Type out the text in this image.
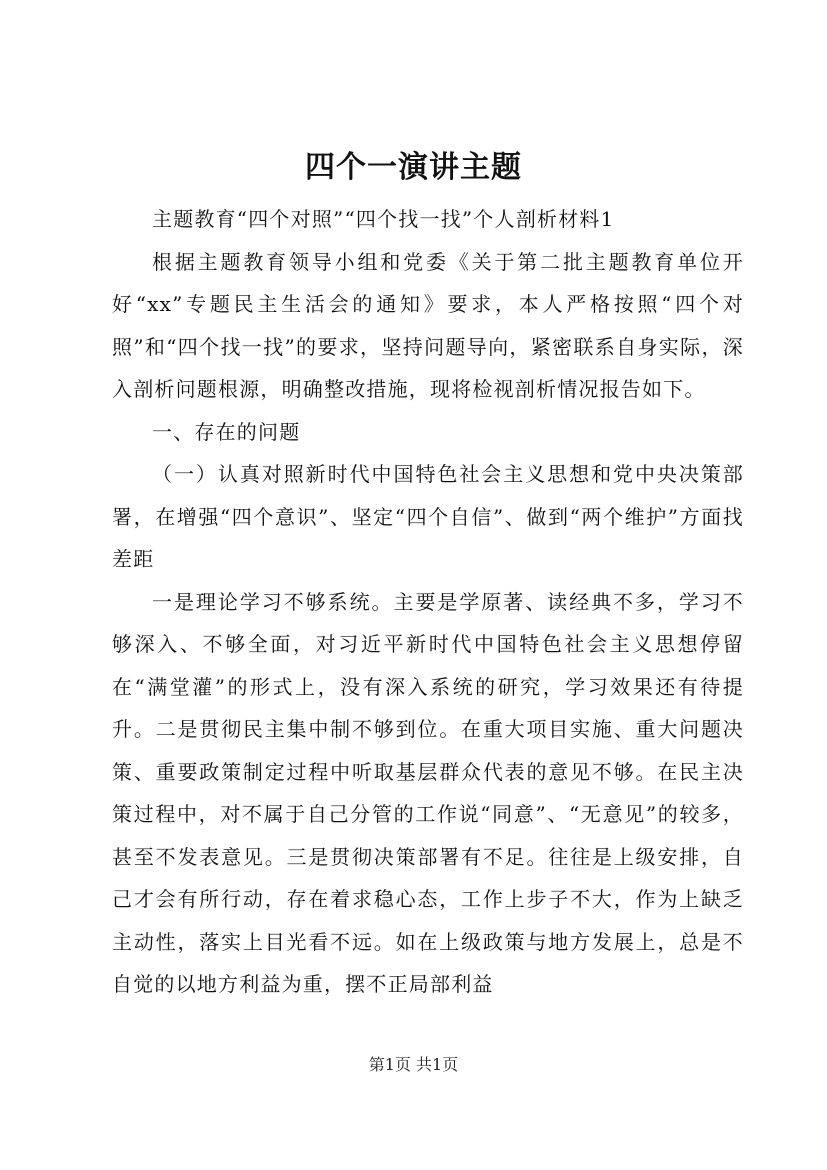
四个一演讲主题

主题教育“四个对照”“四个找一找”个人剖析材料1

根据主题教育领导小组和党委《关于第二批主题教育单位开好“xx”专题民主生活会的通知》要求，本人严格按照“四个对照”和“四个找一找”的要求，坚持问题导向，紧密联系自身实际，深入剖析问题根源，明确整改措施，现将检视剖析情况报告如下。

一、存在的问题

（一）认真对照新时代中国特色社会主义思想和党中央决策部署，在增强“四个意识”、坚定“四个自信”、做到“两个维护”方面找差距

一是理论学习不够系统。主要是学原著、读经典不多，学习不够深入、不够全面，对习近平新时代中国特色社会主义思想停留在“满堂灌”的形式上，没有深入系统的研究，学习效果还有待提升。二是贯彻民主集中制不够到位。在重大项目实施、重大问题决策、重要政策制定过程中听取基层群众代表的意见不够。在民主决策过程中，对不属于自己分管的工作说“同意”、“无意见”的较多，甚至不发表意见。三是贯彻决策部署有不足。往往是上级安排，自己才会有所行动，存在着求稳心态，工作上步子不大，作为上缺乏主动性，落实上目光看不远。如在上级政策与地方发展上，总是不自觉的以地方利益为重，摆不正局部利益

第1页 共1页
